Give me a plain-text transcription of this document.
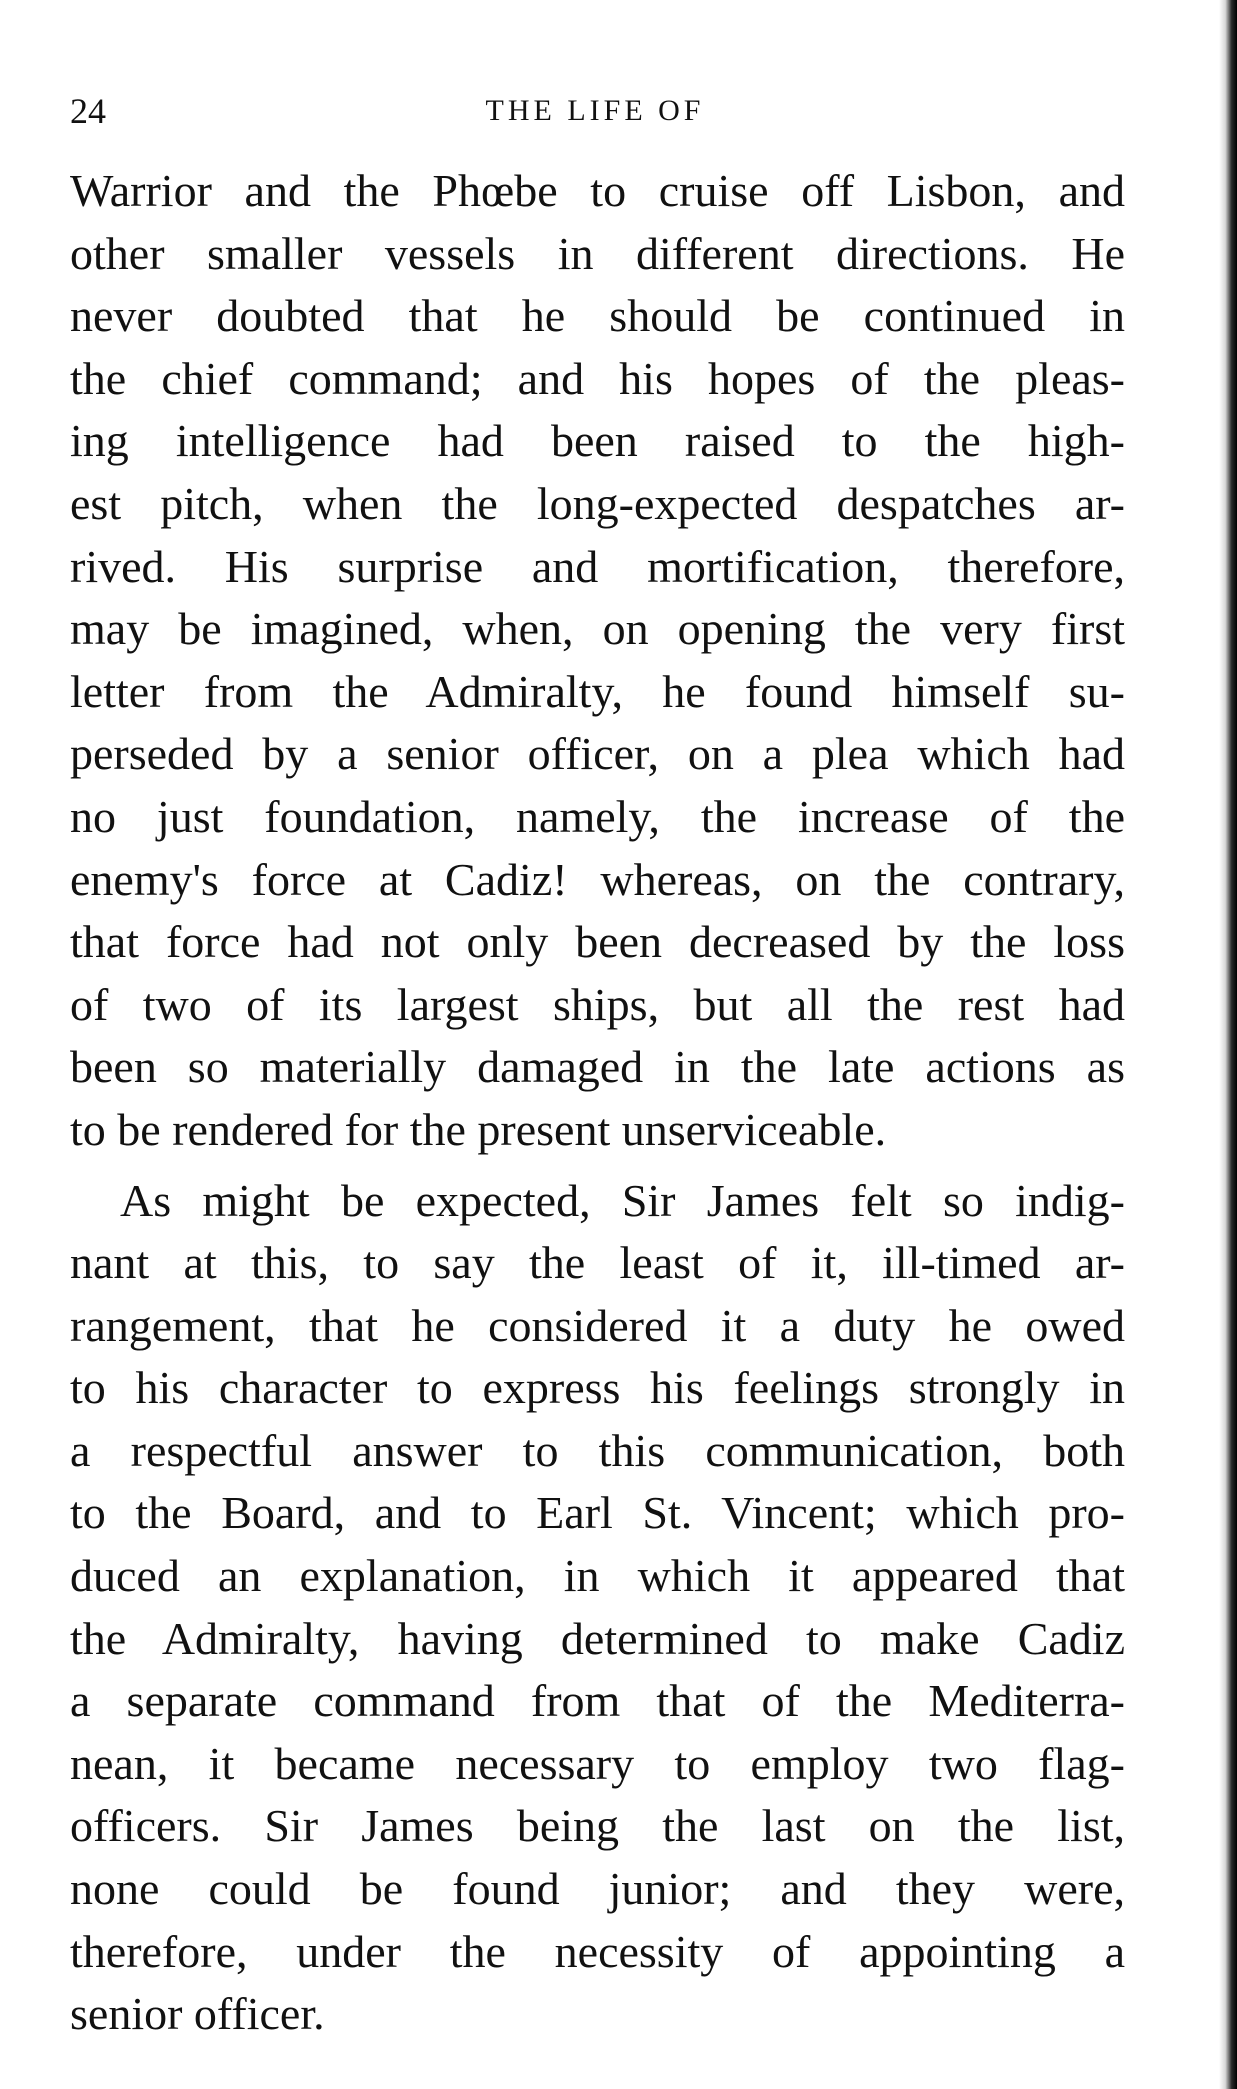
24	THE LIFE OF
Warrior and the Phœbe to cruise off Lisbon, and
other smaller vessels in different directions. He
never doubted that he should be continued in
the chief command; and his hopes of the pleas-
ing intelligence had been raised to the high-
est pitch, when the long-expected despatches ar-
rived. His surprise and mortification, therefore,
may be imagined, when, on opening the very first
letter from the Admiralty, he found himself su-
perseded by a senior officer, on a plea which had
no just foundation, namely, the increase of the
enemy's force at Cadiz! whereas, on the contrary,
that force had not only been decreased by the loss
of two of its largest ships, but all the rest had
been so materially damaged in the late actions as
to be rendered for the present unserviceable.
As might be expected, Sir James felt so indig-
nant at this, to say the least of it, ill-timed ar-
rangement, that he considered it a duty he owed
to his character to express his feelings strongly in
a respectful answer to this communication, both
to the Board, and to Earl St. Vincent; which pro-
duced an explanation, in which it appeared that
the Admiralty, having determined to make Cadiz
a separate command from that of the Mediterra-
nean, it became necessary to employ two flag-
officers. Sir James being the last on the list,
none could be found junior; and they were,
therefore, under the necessity of appointing a
senior officer.
